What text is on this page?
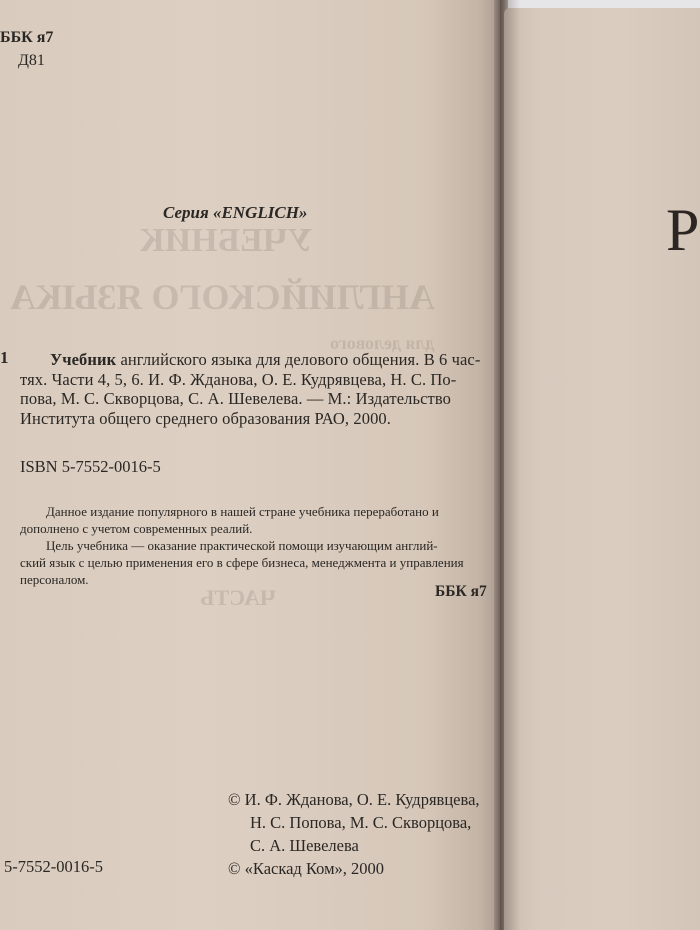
УЧЕБНИК
АНГЛИЙСКОГО ЯЗЫКА
для делового
ЧАСТЬ
ББК я7
Д81
Серия «ENGLICH»
1	Учебник английского языка для делового общения. В 6 час-
тях. Части 4, 5, 6. И. Ф. Жданова, О. Е. Кудрявцева, Н. С. По-
пова, М. С. Скворцова, С. А. Шевелева. — М.: Издательство
Института общего среднего образования РАО, 2000.
ISBN 5-7552-0016-5
Данное издание популярного в нашей стране учебника переработано и
дополнено с учетом современных реалий.
Цель учебника — оказание практической помощи изучающим англий-
ский язык с целью применения его в сфере бизнеса, менеджмента и управления
персоналом.
ББК я7
© И. Ф. Жданова, О. Е. Кудрявцева,
Н. С. Попова, М. С. Скворцова,
С. А. Шевелева
© «Каскад Ком», 2000
5-7552-0016-5
Р
